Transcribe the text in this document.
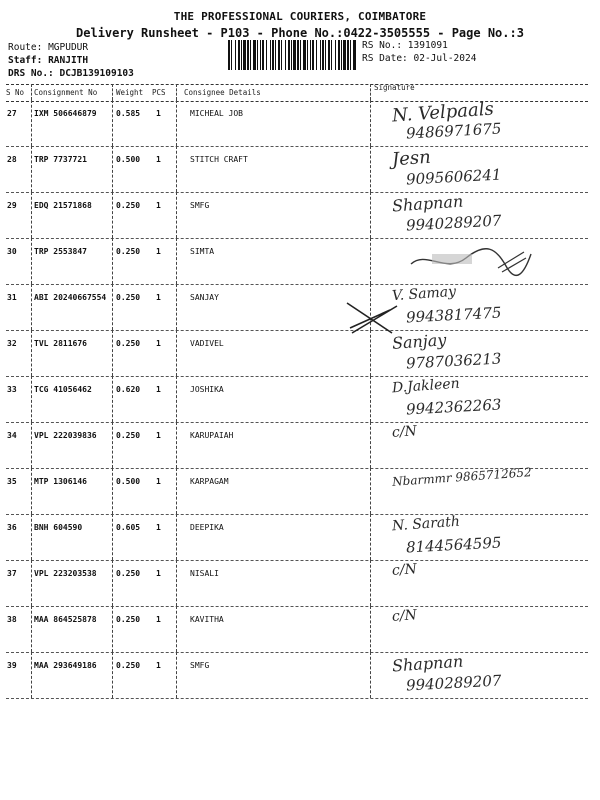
THE PROFESSIONAL COURIERS, COIMBATORE
Delivery Runsheet - P103 - Phone No.:0422-3505555 - Page No.:3
Route: MGPUDUR
Staff: RANJITH
DRS No.: DCJB139109103
RS No.: 1391091
RS Date: 02-Jul-2024
S No Consignment No	Weight PCS Consignee Details
Signature
27 IXM 506646879 0.585 1	MICHEAL JOB	N. Velpaals
9486971675
28 TRP 7737721	0.500 1	STITCH CRAFT	Jesn
9095606241
29 EDQ 21571868	0.250 1	SMFG	Shapnan
9940289207
30 TRP 2553847	0.250 1	SIMTA
31 ABI 20240667554 0.250 1	SANJAY	V. Samay
9943817475
32 TVL 2811676	0.250 1	VADIVEL	Sanjay
9787036213
33 TCG 41056462	0.620 1	JOSHIKA	D.Jakleen
9942362263
34 VPL 222039836 0.250 1	KARUPAIAH	c/N
35 MTP 1306146	0.500 1	KARPAGAM	Nbarmmr 9865712652
36 BNH 604590	0.605 1	DEEPIKA	N. Sarath
8144564595
37 VPL 223203538 0.250 1	NISALI	c/N
38 MAA 864525878 0.250 1	KAVITHA	c/N
39 MAA 293649186 0.250 1	SMFG	Shapnan
9940289207
